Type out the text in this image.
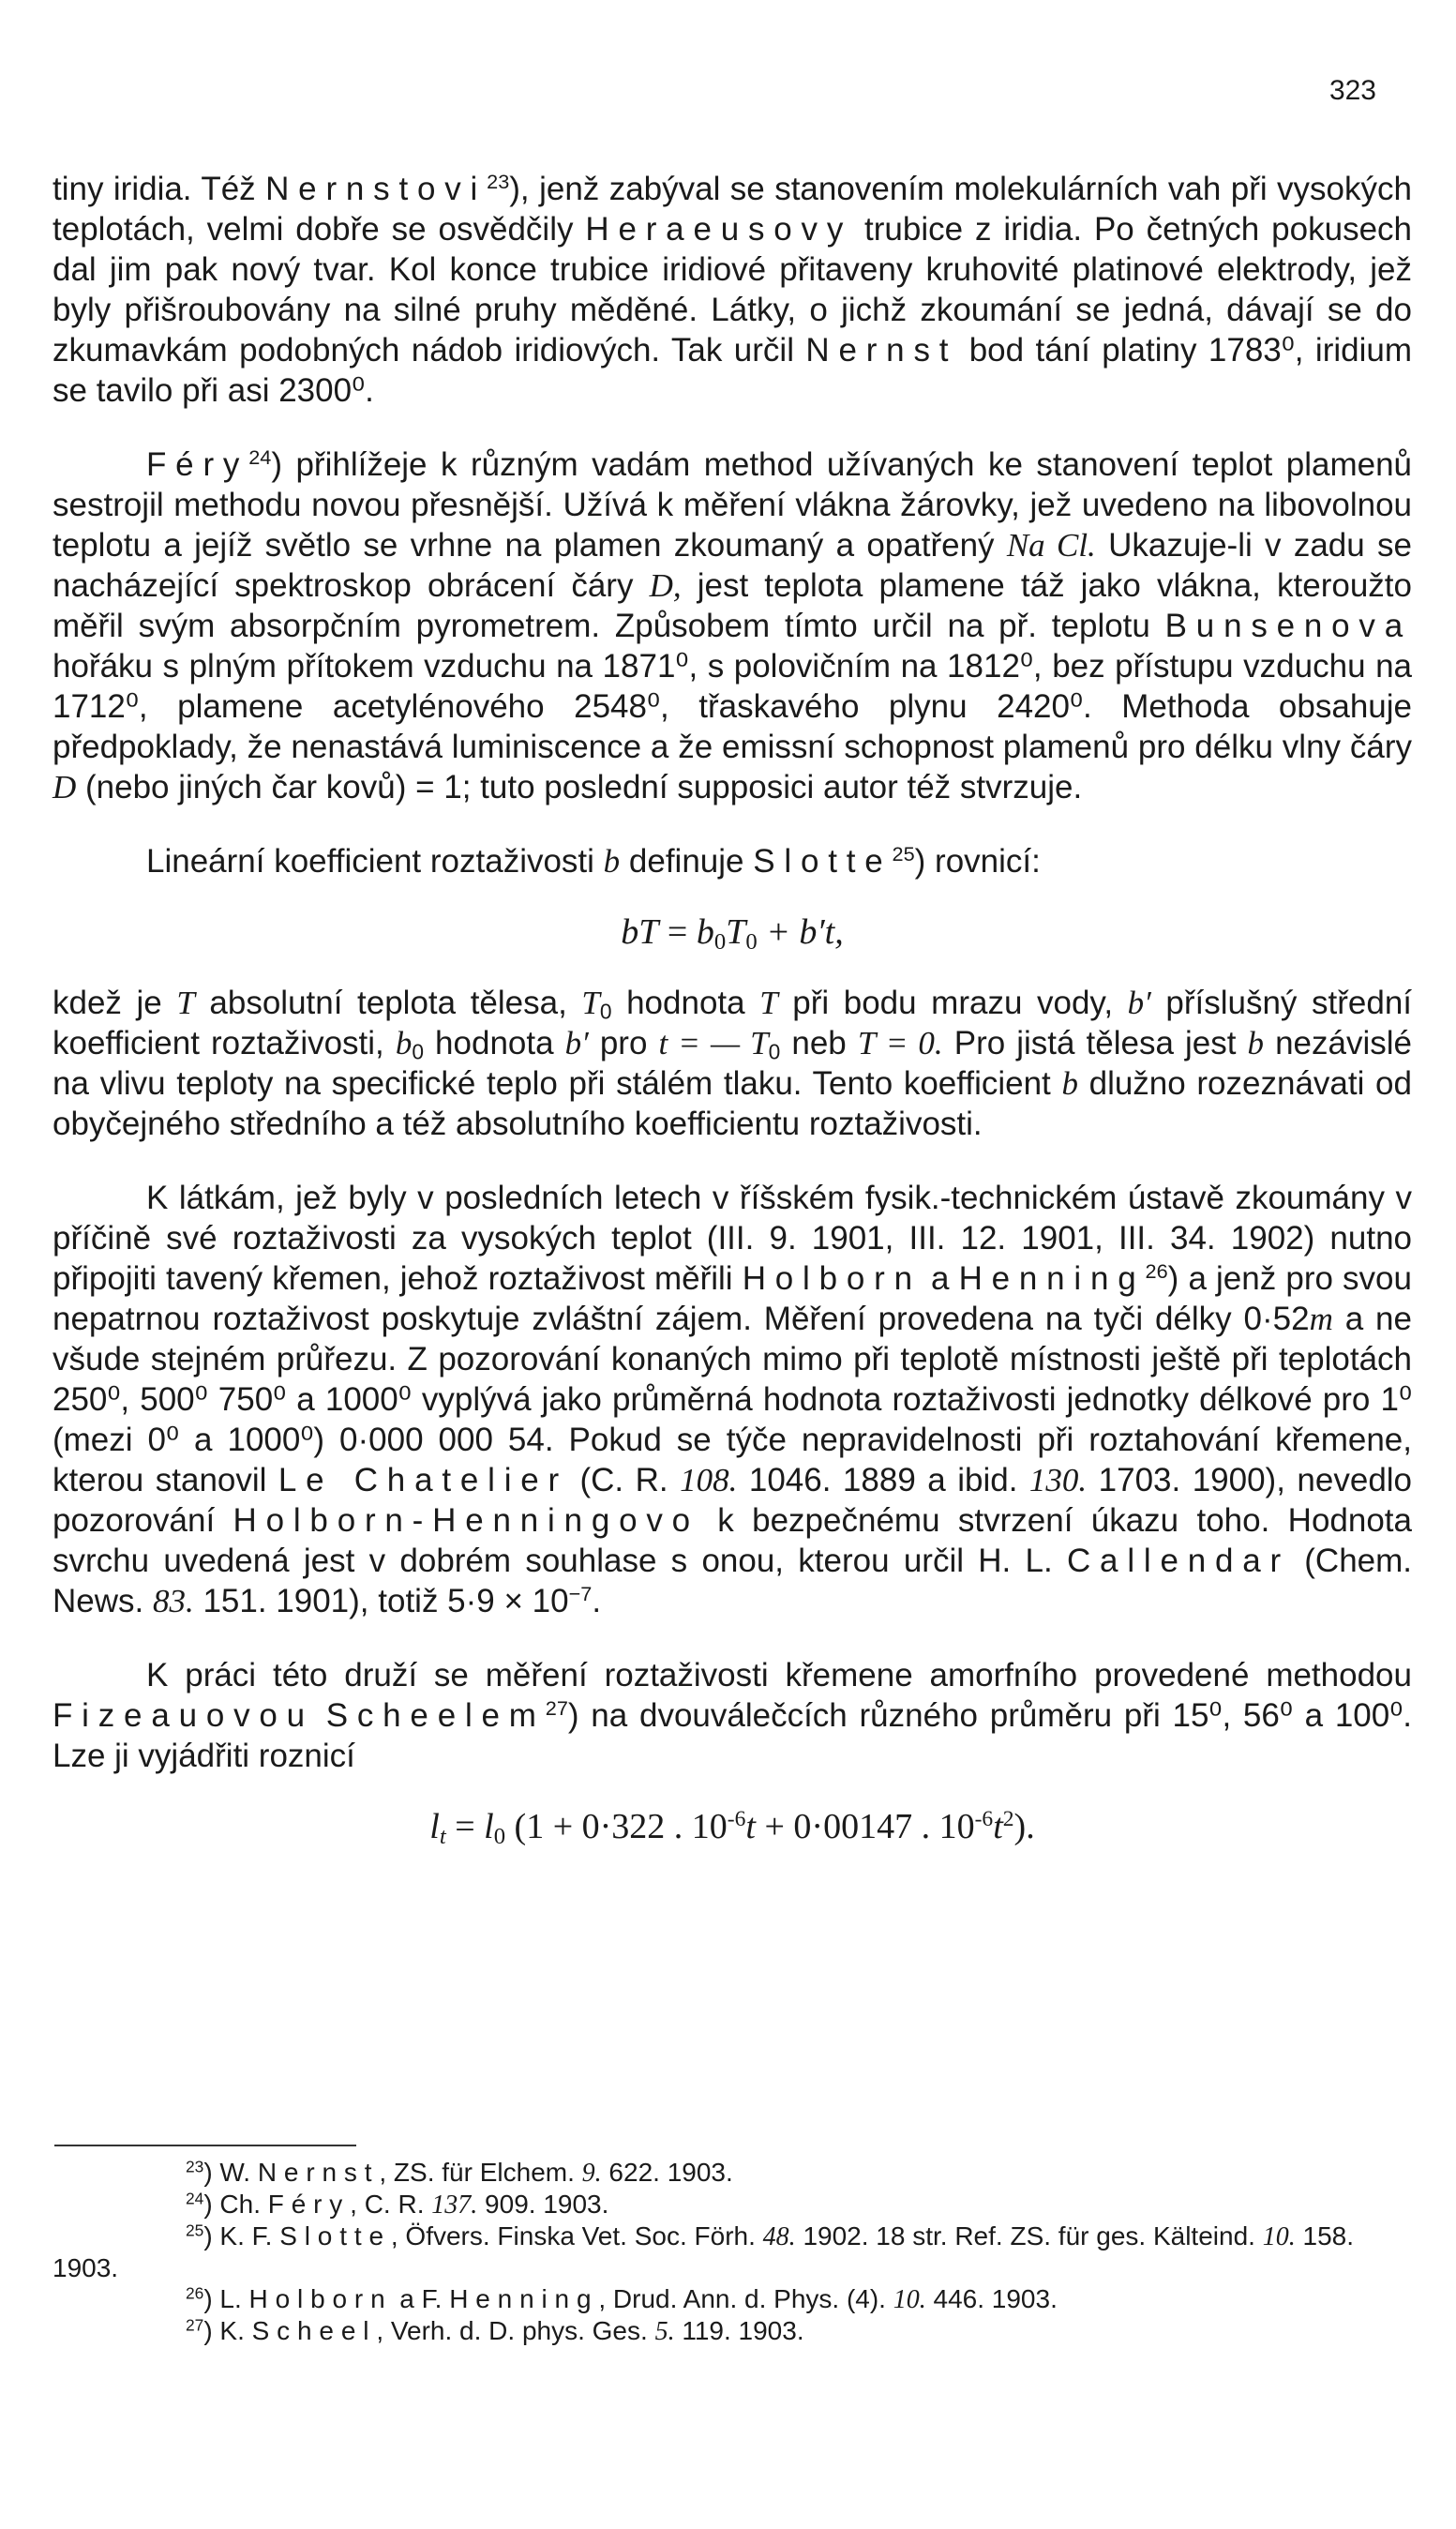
323

tiny iridia. Též Nernstovi$^{23}$), jenž zabýval se stanovením molekulárních vah při vysokých teplotách, velmi dobře se osvědčily Heraeusovy trubice z iridia. Po četných pokusech dal jim pak nový tvar. Kol konce trubice iridiové přitaveny kruhovité platinové elektrody, jež byly přišroubovány na silné pruhy měděné. Látky, o jichž zkoumání se jedná, dávají se do zkumavkám podobných nádob iridiových. Tak určil Nernst bod tání platiny 1783⁰, iridium se tavilo při asi 2300⁰.

Féry$^{24}$) přihlížeje k různým vadám method užívaných ke stanovení teplot plamenů sestrojil methodu novou přesnější. Užívá k měření vlákna žárovky, jež uvedeno na libovolnou teplotu a jejíž světlo se vrhne na plamen zkoumaný a opatřený Na Cl. Ukazuje-li v zadu se nacházející spektroskop obrácení čáry D, jest teplota plamene táž jako vlákna, kteroužto měřil svým absorpčním pyrometrem. Způsobem tímto určil na př. teplotu Bunsenova hořáku s plným přítokem vzduchu na 1871⁰, s polovičním na 1812⁰, bez přístupu vzduchu na 1712⁰, plamene acetylénového 2548⁰, třaskavého plynu 2420⁰. Methoda obsahuje předpoklady, že nenastává luminiscence a že emissní schopnost plamenů pro délku vlny čáry D (nebo jiných čar kovů) = 1; tuto poslední supposici autor též stvrzuje.

Lineární koefficient roztaživosti b definuje Slotte$^{25}$) rovnicí:

bT = $b_0T_0 + b't$,

kdež je T absolutní teplota tělesa, $T_0$ hodnota T při bodu mrazu vody, b′ příslušný střední koefficient roztaživosti, $b_0$ hodnota b′ pro t = — $T_0$ neb T = 0. Pro jistá tělesa jest b nezávislé na vlivu teploty na specifické teplo při stálém tlaku. Tento koefficient b dlužno rozeznávati od obyčejného středního a též absolutního koefficientu roztaživosti.

K látkám, jež byly v posledních letech v říšském fysik.-technickém ústavě zkoumány v příčině své roztaživosti za vysokých teplot (III. 9. 1901, III. 12. 1901, III. 34. 1902) nutno připojiti tavený křemen, jehož roztaživost měřili Holborn a Henning$^{26}$) a jenž pro svou nepatrnou roztaživost poskytuje zvláštní zájem. Měření provedena na tyči délky 0·52m a ne všude stejném průřezu. Z pozorování konaných mimo při teplotě místnosti ještě při teplotách 250⁰, 500⁰ 750⁰ a 1000⁰ vyplývá jako průměrná hodnota roztaživosti jednotky délkové pro 1⁰ (mezi 0⁰ a 1000⁰) 0·000 000 54. Pokud se týče nepravidelnosti při roztahování křemene, kterou stanovil Le Chatelier (C. R. 108. 1046. 1889 a ibid. 130. 1703. 1900), nevedlo pozorování Holborn-Henningovo k bezpečnému stvrzení úkazu toho. Hodnota svrchu uvedená jest v dobrém souhlase s onou, kterou určil H. L. Callendar (Chem. News. 83. 151. 1901), totiž $5\cdot 9 \times 10^{-7}$.

K práci této druží se měření roztaživosti křemene amorfního provedené methodou Fizeauovou Scheelem$^{27}$) na dvouválečcích různého průměru při 15⁰, 56⁰ a 100⁰. Lze ji vyjádřiti roznicí

$l_t = l_0$ (1 + 0·322 . $10^{-6}t + 0\cdot 00147$ . $10^{-6}t^2$).

$^{23}$) W. Nernst, ZS. für Elchem. 9. 622. 1903.

$^{24}$) Ch. Féry, C. R. 137. 909. 1903.

$^{25}$) K. F. Slotte, Öfvers. Finska Vet. Soc. Förh. 48. 1902. 18 str. Ref. ZS. für ges. Kälteind. 10. 158. 1903.

$^{26}$) L. Holborn a F. Henning, Drud. Ann. d. Phys. (4). 10. 446. 1903.

$^{27}$) K. Scheel, Verh. d. D. phys. Ges. 5. 119. 1903.
